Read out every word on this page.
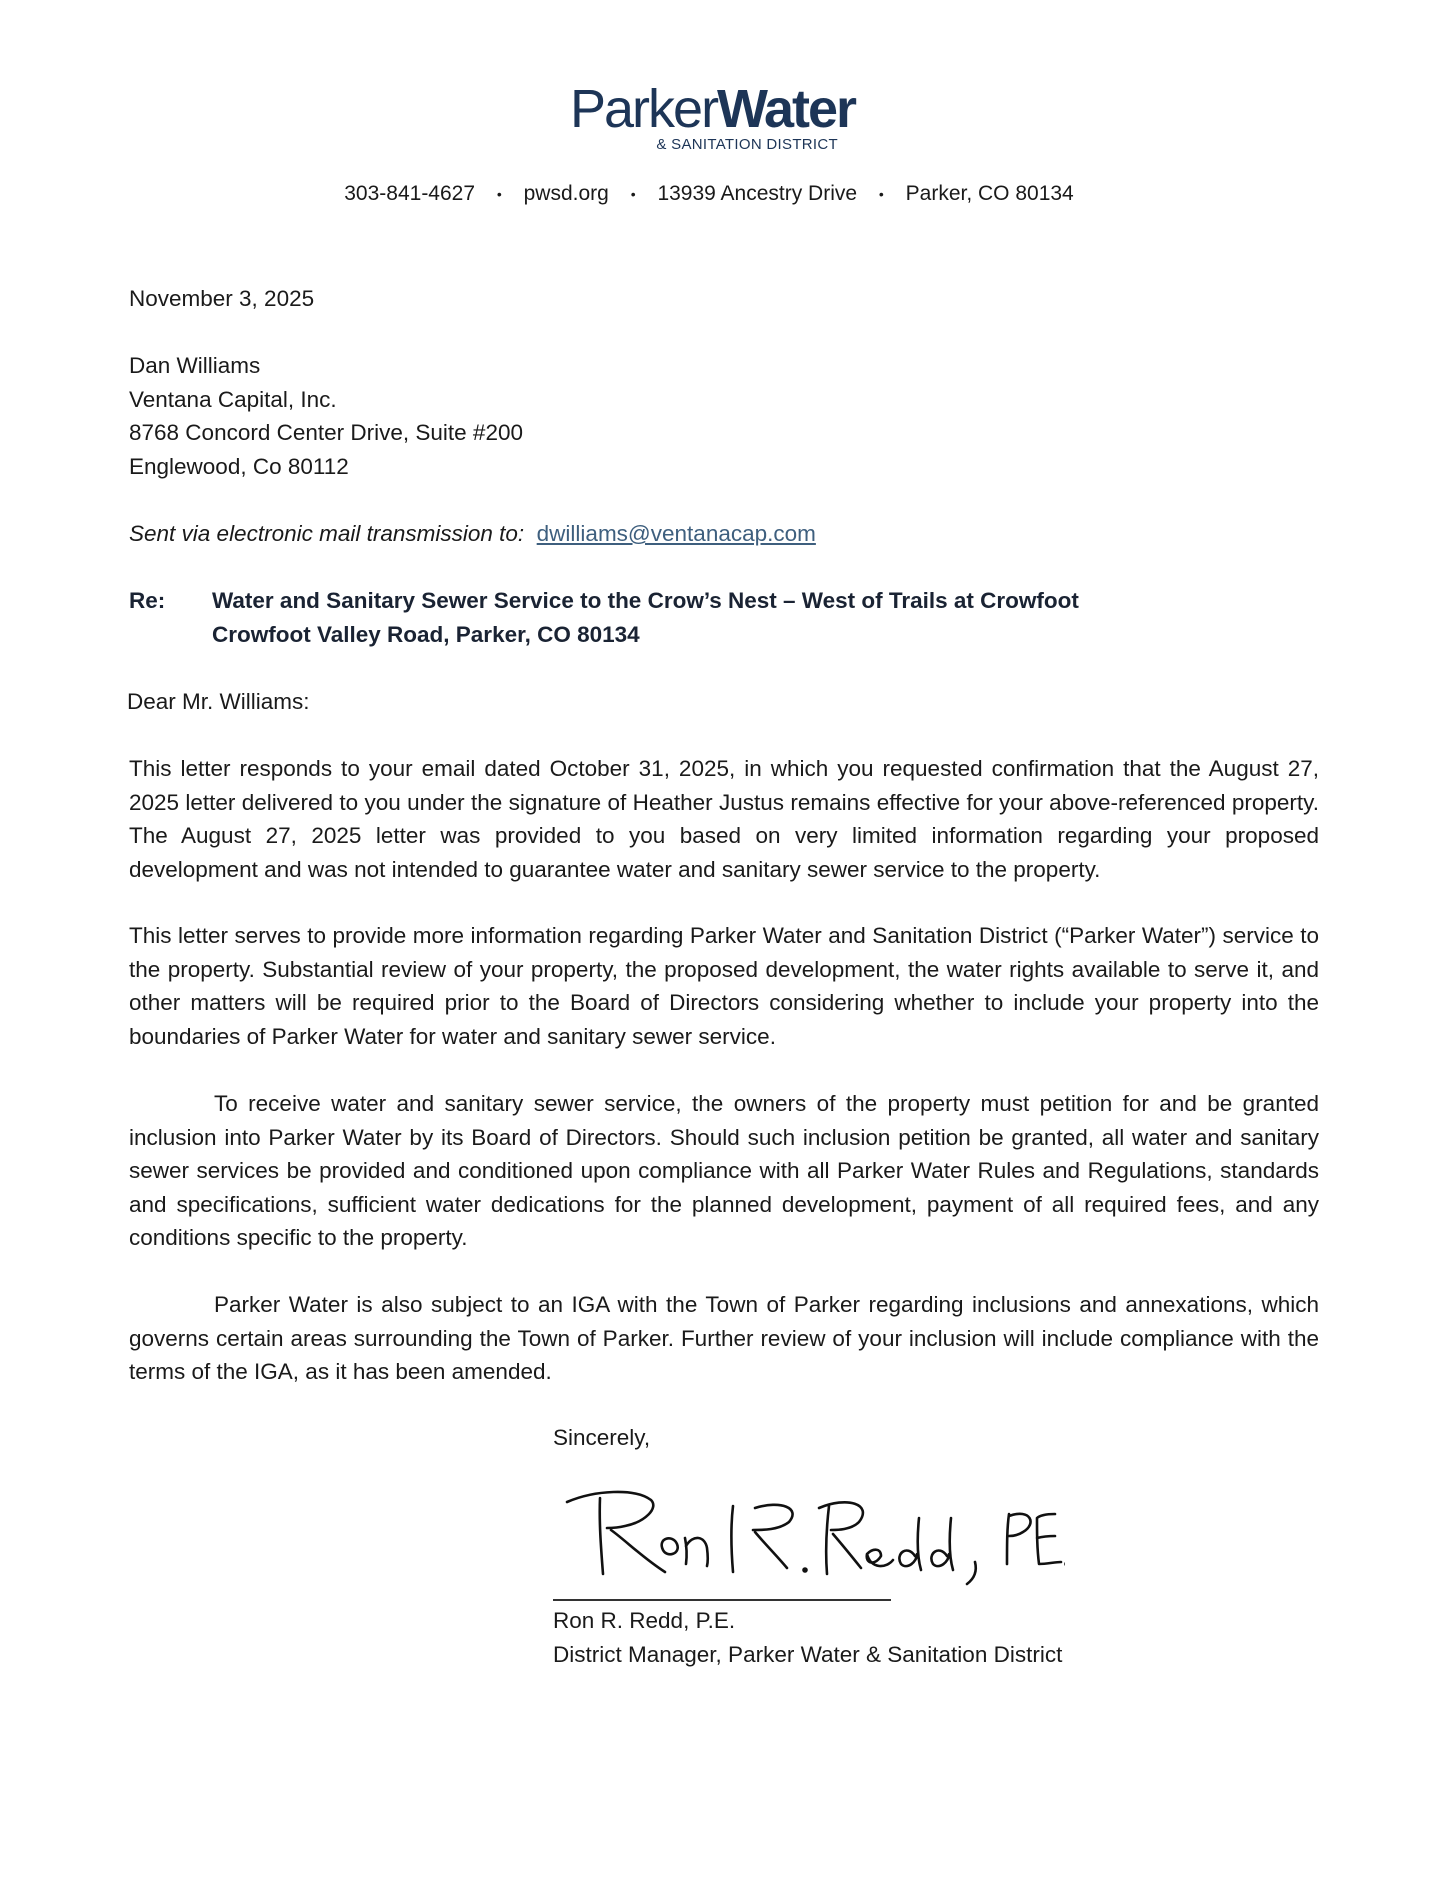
ParkerWater
& SANITATION DISTRICT
303-841-4627 • pwsd.org • 13939 Ancestry Drive • Parker, CO 80134
November 3, 2025
Dan Williams
Ventana Capital, Inc.
8768 Concord Center Drive, Suite #200
Englewood, Co 80112
Sent via electronic mail transmission to: dwilliams@ventanacap.com
Re: Water and Sanitary Sewer Service to the Crow’s Nest – West of Trails at Crowfoot
Crowfoot Valley Road, Parker, CO 80134
Dear Mr. Williams:

This letter responds to your email dated October 31, 2025, in which you requested confirmation that the August 27, 2025 letter delivered to you under the signature of Heather Justus remains effective for your above-referenced property. The August 27, 2025 letter was provided to you based on very limited information regarding your proposed development and was not intended to guarantee water and sanitary sewer service to the property.

This letter serves to provide more information regarding Parker Water and Sanitation District (“Parker Water”) service to the property. Substantial review of your property, the proposed development, the water rights available to serve it, and other matters will be required prior to the Board of Directors considering whether to include your property into the boundaries of Parker Water for water and sanitary sewer service.

To receive water and sanitary sewer service, the owners of the property must petition for and be granted inclusion into Parker Water by its Board of Directors. Should such inclusion petition be granted, all water and sanitary sewer services be provided and conditioned upon compliance with all Parker Water Rules and Regulations, standards and specifications, sufficient water dedications for the planned development, payment of all required fees, and any conditions specific to the property.

Parker Water is also subject to an IGA with the Town of Parker regarding inclusions and annexations, which governs certain areas surrounding the Town of Parker. Further review of your inclusion will include compliance with the terms of the IGA, as it has been amended.

Sincerely,
Ron R. Redd, P.E.
District Manager, Parker Water & Sanitation District
